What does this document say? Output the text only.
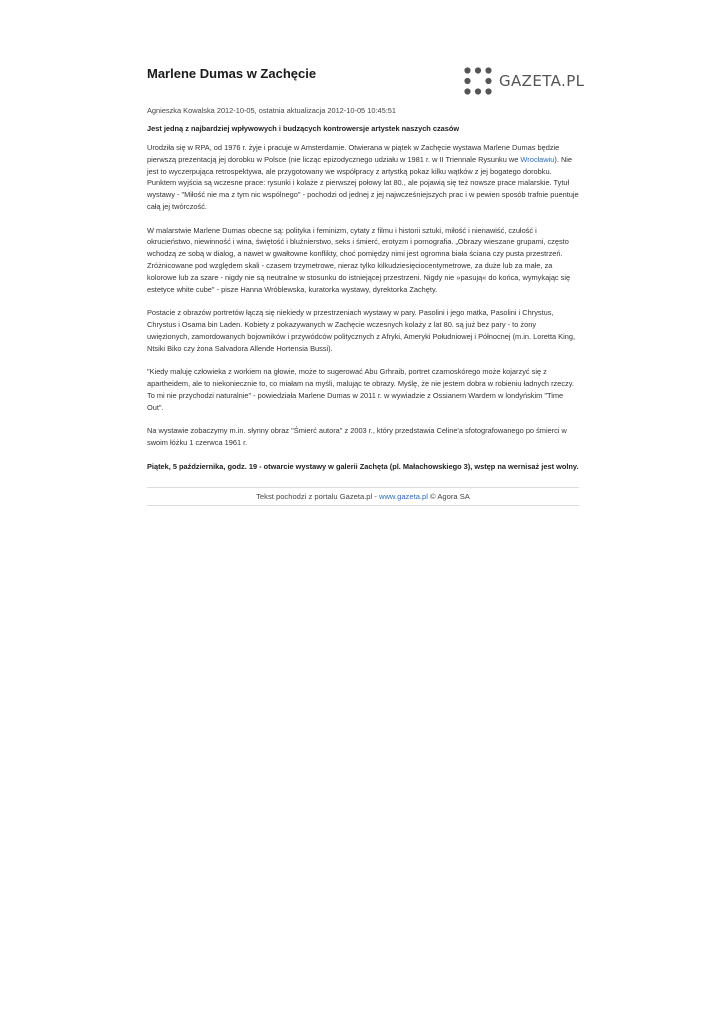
Marlene Dumas w Zachęcie	GAZETA.PL
Agnieszka Kowalska 2012-10-05, ostatnia aktualizacja 2012-10-05 10:45:51
Jest jedną z najbardziej wpływowych i budzących kontrowersje artystek naszych czasów

Urodziła się w RPA, od 1976 r. żyje i pracuje w Amsterdamie. Otwierana w piątek w Zachęcie wystawa Marlene Dumas będzie pierwszą prezentacją jej dorobku w Polsce (nie licząc epizodycznego udziału w 1981 r. w II Triennale Rysunku we Wrocławiu). Nie jest to wyczerpująca retrospektywa, ale przygotowany we współpracy z artystką pokaz kilku wątków z jej bogatego dorobku. Punktem wyjścia są wczesne prace: rysunki i kolaże z pierwszej połowy lat 80., ale pojawią się też nowsze prace malarskie. Tytuł wystawy - "Miłość nie ma z tym nic wspólnego" - pochodzi od jednej z jej najwcześniejszych prac i w pewien sposób trafnie puentuje całą jej twórczość.

W malarstwie Marlene Dumas obecne są: polityka i feminizm, cytaty z filmu i historii sztuki, miłość i nienawiść, czułość i okrucieństwo, niewinność i wina, świętość i bluźnierstwo, seks i śmierć, erotyzm i pornografia. „Obrazy wieszane grupami, często wchodzą ze sobą w dialog, a nawet w gwałtowne konflikty, choć pomiędzy nimi jest ogromna biała ściana czy pusta przestrzeń. Zróżnicowane pod względem skali - czasem trzymetrowe, nieraz tylko kilkudziesięciocentymetrowe, za duże lub za małe, za kolorowe lub za szare - nigdy nie są neutralne w stosunku do istniejącej przestrzeni. Nigdy nie »pasują« do końca, wymykając się estetyce white cube" - pisze Hanna Wróblewska, kuratorka wystawy, dyrektorka Zachęty.

Postacie z obrazów portretów łączą się niekiedy w przestrzeniach wystawy w pary. Pasolini i jego matka, Pasolini i Chrystus, Chrystus i Osama bin Laden. Kobiety z pokazywanych w Zachęcie wczesnych kolaży z lat 80. są już bez pary - to żony uwięzionych, zamordowanych bojowników i przywódców politycznych z Afryki, Ameryki Południowej i Północnej (m.in. Loretta King, Ntsiki Biko czy żona Salvadora Allende Hortensia Bussi).

"Kiedy maluję człowieka z workiem na głowie, może to sugerować Abu Grhraib, portret czarnoskórego może kojarzyć się z apartheidem, ale to niekoniecznie to, co miałam na myśli, malując te obrazy. Myślę, że nie jestem dobra w robieniu ładnych rzeczy. To mi nie przychodzi naturalnie" - powiedziała Marlene Dumas w 2011 r. w wywiadzie z Ossianem Wardem w londyńskim "Time Out".

Na wystawie zobaczymy m.in. słynny obraz "Śmierć autora" z 2003 r., który przedstawia Celine'a sfotografowanego po śmierci w swoim łóżku 1 czerwca 1961 r.

Piątek, 5 października, godz. 19 - otwarcie wystawy w galerii Zachęta (pl. Małachowskiego 3), wstęp na wernisaż jest wolny.

Tekst pochodzi z portalu Gazeta.pl - www.gazeta.pl © Agora SA
